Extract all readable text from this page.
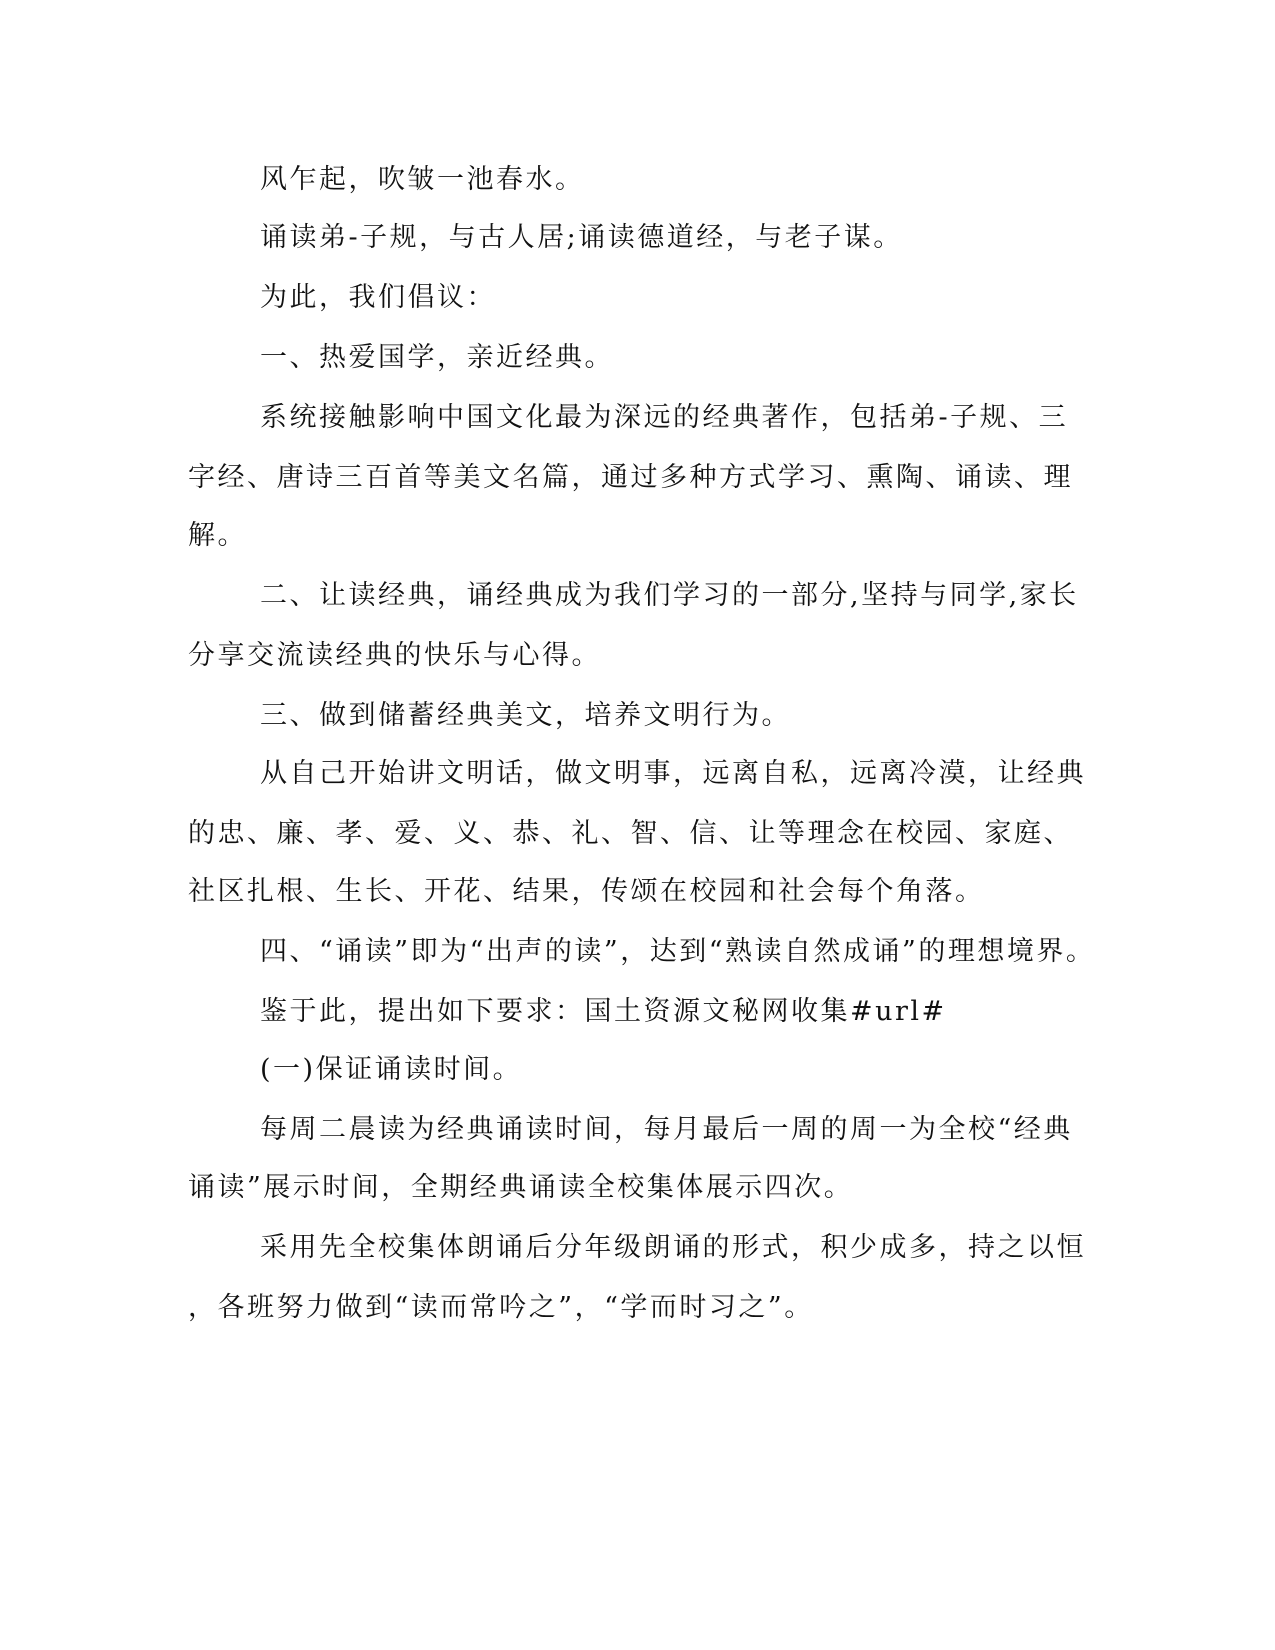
风乍起，吹皱一池春水。
诵读弟-子规，与古人居;诵读德道经，与老子谋。
为此，我们倡议：
一、热爱国学，亲近经典。
系统接触影响中国文化最为深远的经典著作，包括弟-子规、三
字经、唐诗三百首等美文名篇，通过多种方式学习、熏陶、诵读、理
解。
二、让读经典，诵经典成为我们学习的一部分,坚持与同学,家长
分享交流读经典的快乐与心得。
三、做到储蓄经典美文，培养文明行为。
从自己开始讲文明话，做文明事，远离自私，远离冷漠，让经典
的忠、廉、孝、爱、义、恭、礼、智、信、让等理念在校园、家庭、
社区扎根、生长、开花、结果，传颂在校园和社会每个角落。
四、“诵读”即为“出声的读”，达到“熟读自然成诵”的理想境界。
鉴于此，提出如下要求：国土资源文秘网收集#url#
(一)保证诵读时间。
每周二晨读为经典诵读时间，每月最后一周的周一为全校“经典
诵读”展示时间，全期经典诵读全校集体展示四次。
采用先全校集体朗诵后分年级朗诵的形式，积少成多，持之以恒
，各班努力做到“读而常吟之”，“学而时习之”。
